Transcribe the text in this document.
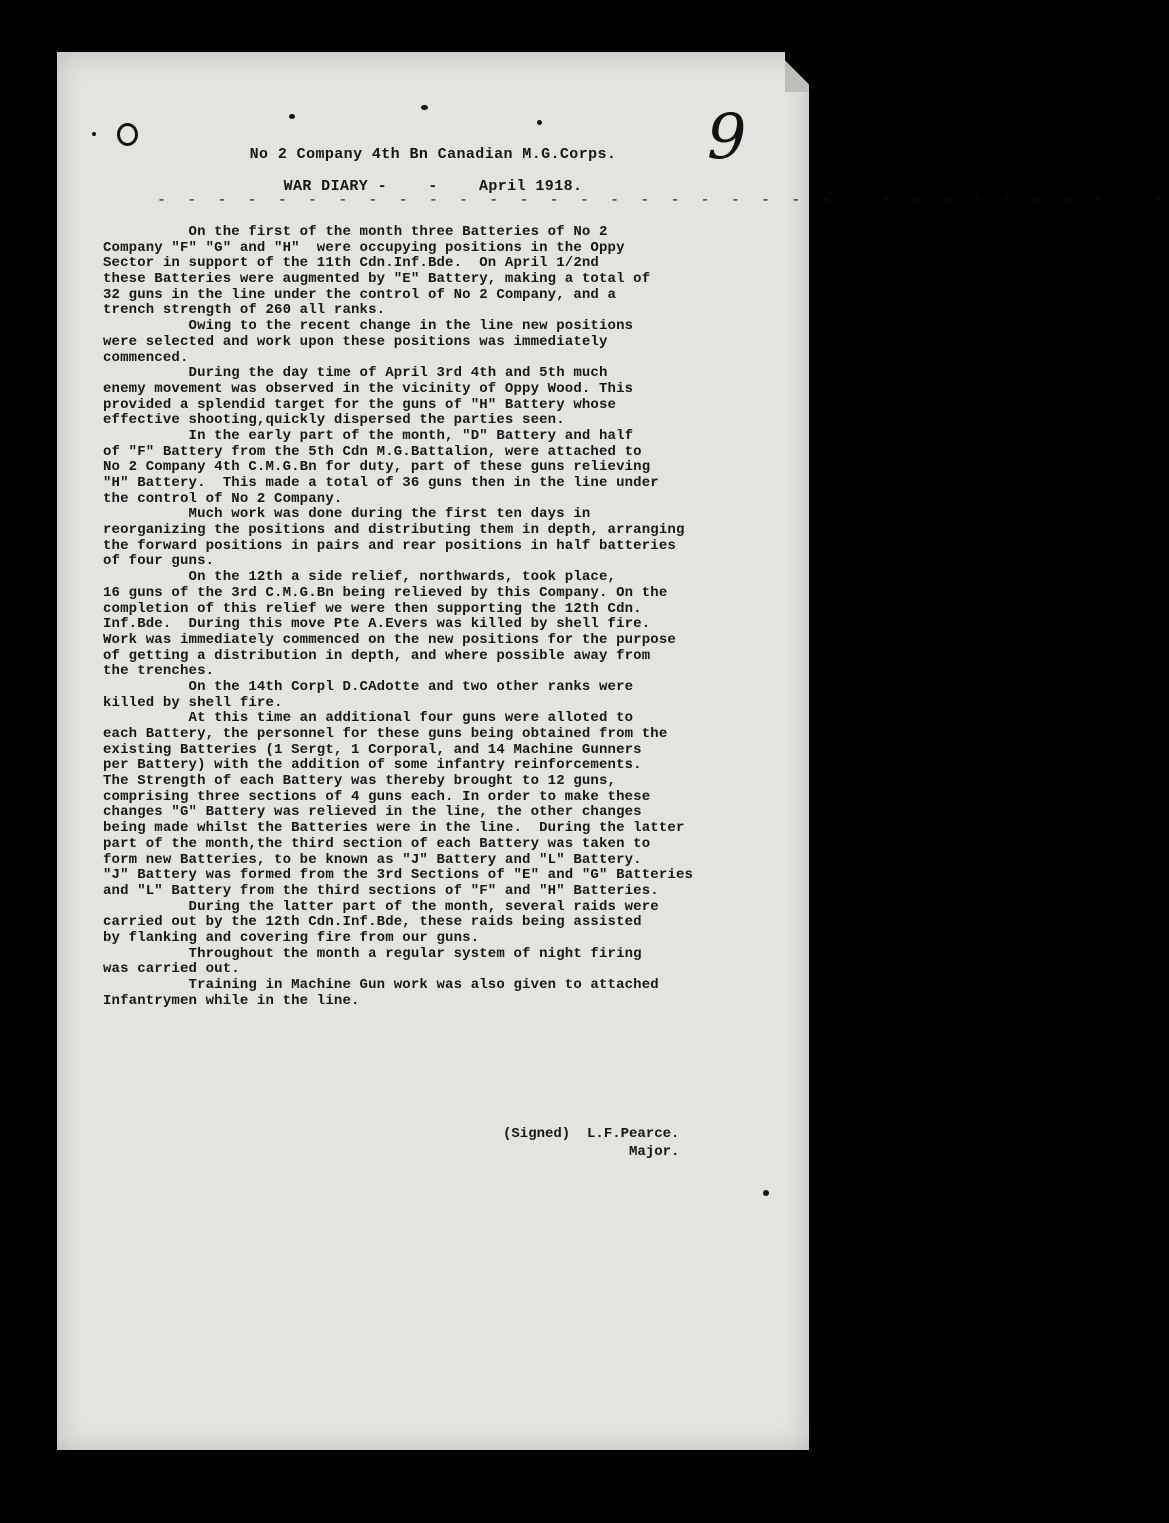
9
No 2 Company 4th Bn Canadian M.G.Corps.
WAR DIARY -	-	April 1918.
- - - - - - - - - - - - - - - - - - - - - - - - - - - - - - - - - -
On the first of the month three Batteries of No 2
Company "F" "G" and "H"  were occupying positions in the Oppy
Sector in support of the 11th Cdn.Inf.Bde.  On April 1/2nd
these Batteries were augmented by "E" Battery, making a total of
32 guns in the line under the control of No 2 Company, and a
trench strength of 260 all ranks.
Owing to the recent change in the line new positions
were selected and work upon these positions was immediately
commenced.
During the day time of April 3rd 4th and 5th much
enemy movement was observed in the vicinity of Oppy Wood. This
provided a splendid target for the guns of "H" Battery whose
effective shooting,quickly dispersed the parties seen.
In the early part of the month, "D" Battery and half
of "F" Battery from the 5th Cdn M.G.Battalion, were attached to
No 2 Company 4th C.M.G.Bn for duty, part of these guns relieving
"H" Battery.  This made a total of 36 guns then in the line under
the control of No 2 Company.
Much work was done during the first ten days in
reorganizing the positions and distributing them in depth, arranging
the forward positions in pairs and rear positions in half batteries
of four guns.
On the 12th a side relief, northwards, took place,
16 guns of the 3rd C.M.G.Bn being relieved by this Company. On the
completion of this relief we were then supporting the 12th Cdn.
Inf.Bde.  During this move Pte A.Evers was killed by shell fire.
Work was immediately commenced on the new positions for the purpose
of getting a distribution in depth, and where possible away from
the trenches.
On the 14th Corpl D.CAdotte and two other ranks were
killed by shell fire.
At this time an additional four guns were alloted to
each Battery, the personnel for these guns being obtained from the
existing Batteries (1 Sergt, 1 Corporal, and 14 Machine Gunners
per Battery) with the addition of some infantry reinforcements.
The Strength of each Battery was thereby brought to 12 guns,
comprising three sections of 4 guns each. In order to make these
changes "G" Battery was relieved in the line, the other changes
being made whilst the Batteries were in the line.  During the latter
part of the month,the third section of each Battery was taken to
form new Batteries, to be known as "J" Battery and "L" Battery.
"J" Battery was formed from the 3rd Sections of "E" and "G" Batteries
and "L" Battery from the third sections of "F" and "H" Batteries.
During the latter part of the month, several raids were
carried out by the 12th Cdn.Inf.Bde, these raids being assisted
by flanking and covering fire from our guns.
Throughout the month a regular system of night firing
was carried out.
Training in Machine Gun work was also given to attached
Infantrymen while in the line.
(Signed)  L.F.Pearce.
Major.
